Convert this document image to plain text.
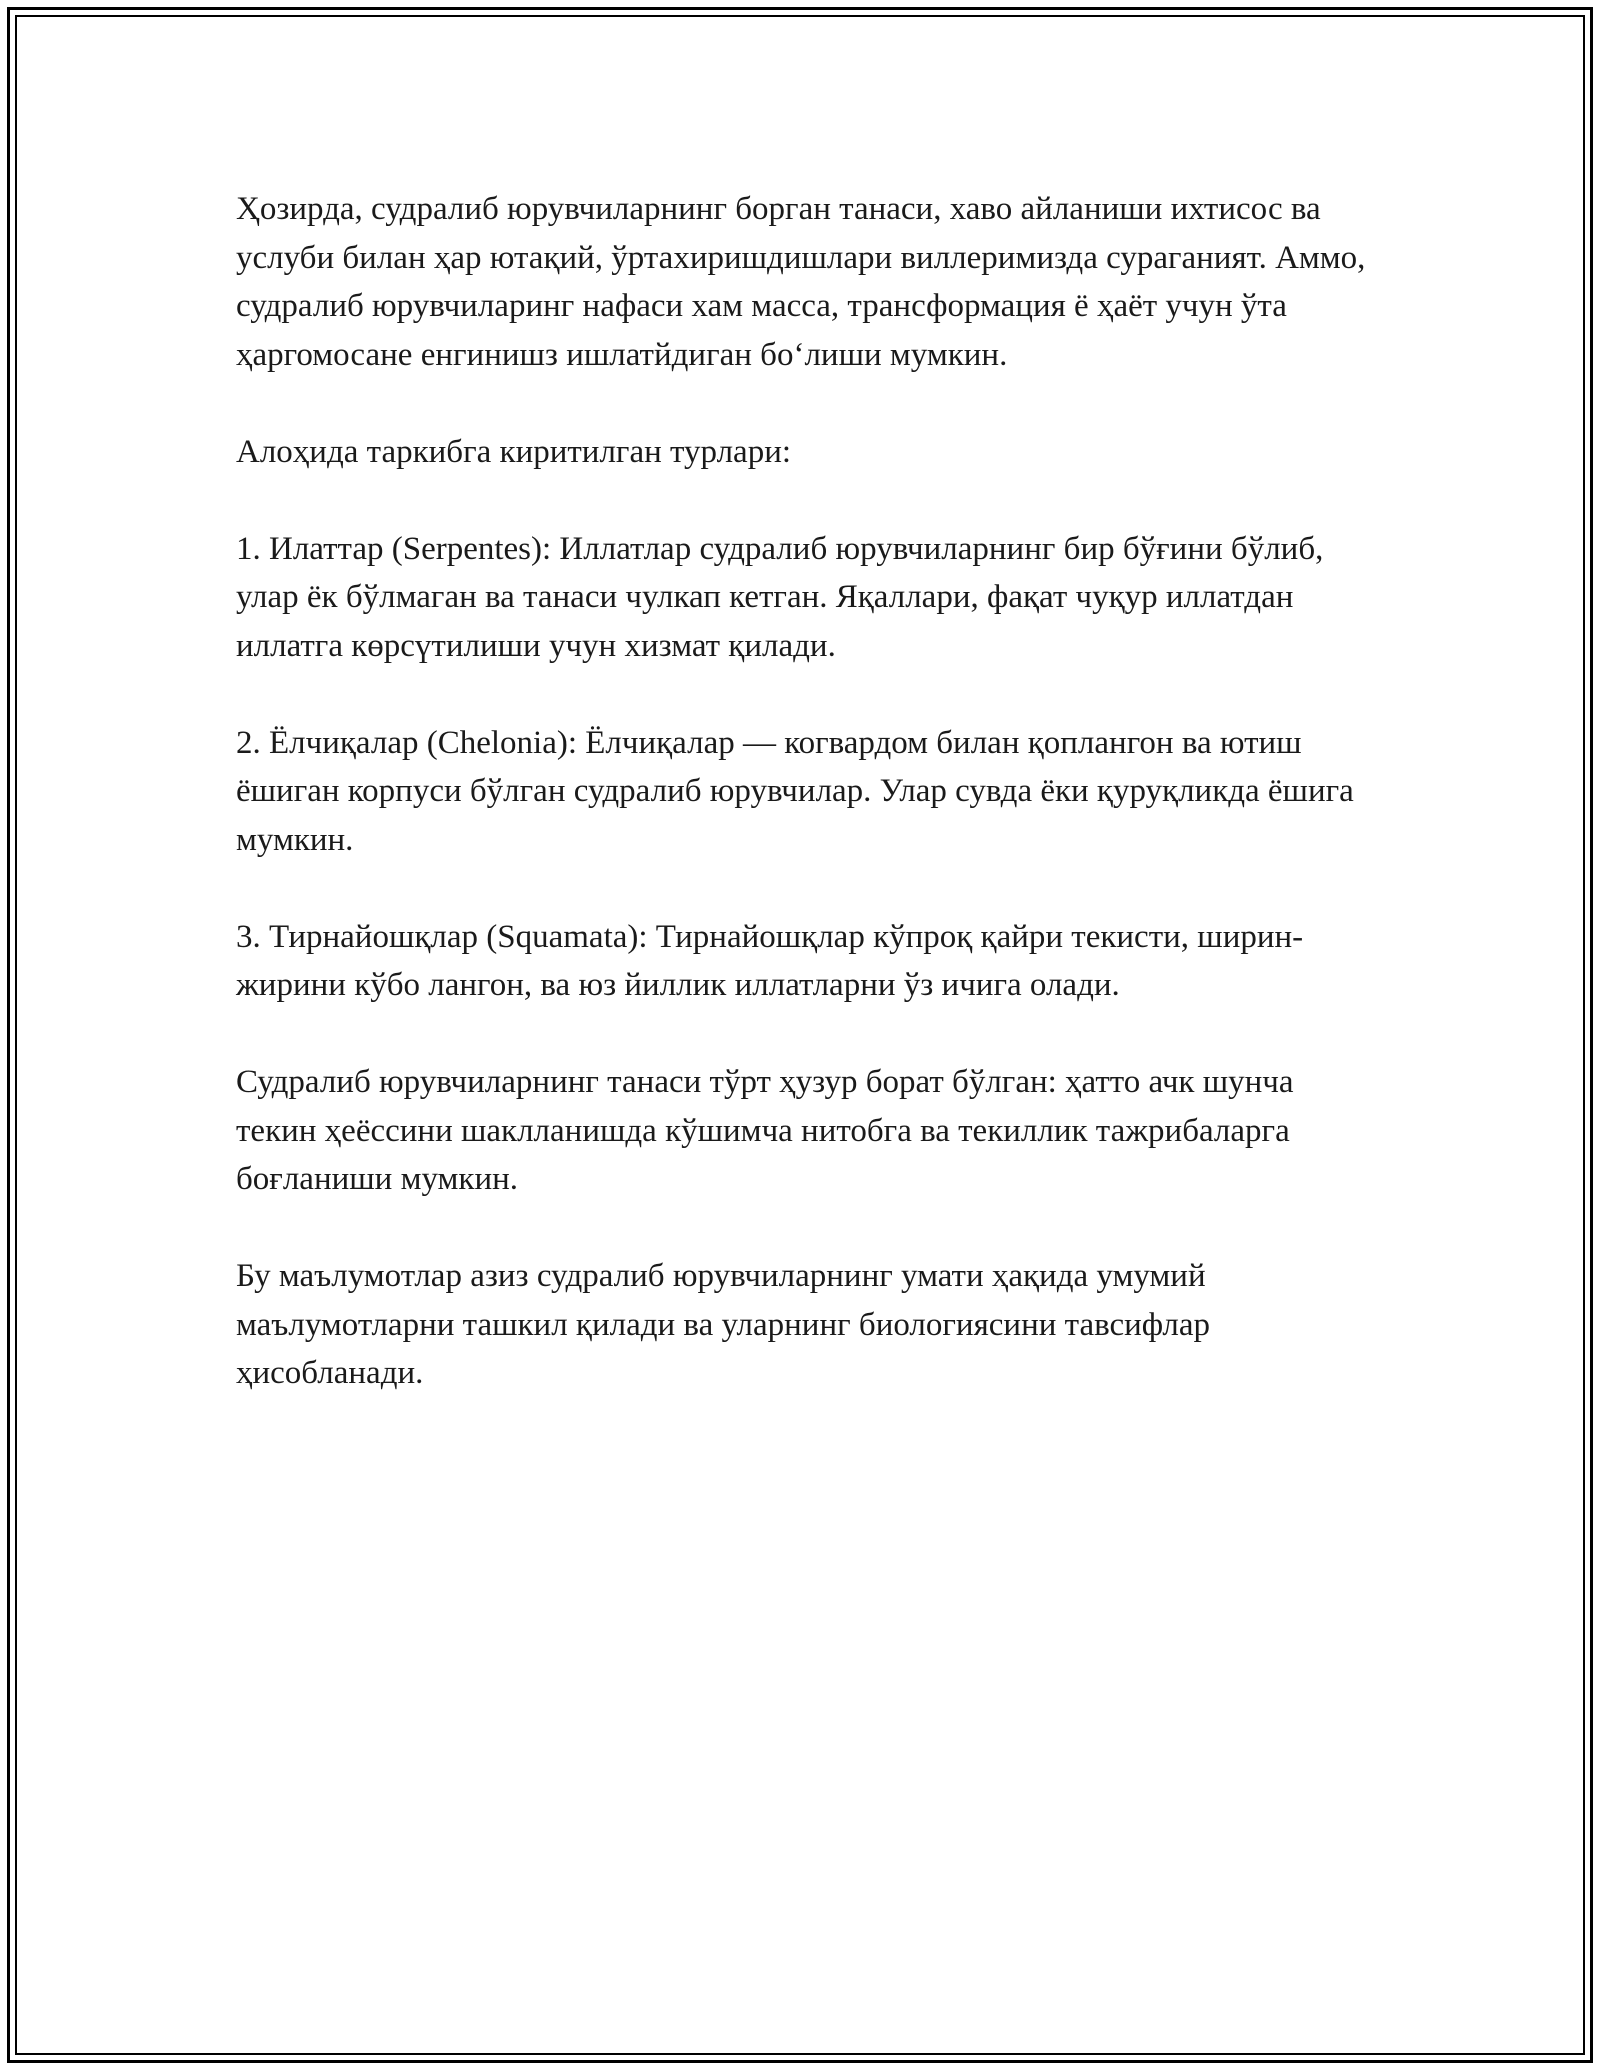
Ҳозирда, судралиб юрувчиларнинг борган танаси, хаво айланиши ихтисос ва услуби билан ҳар ютақий, ўртахиришдишлари виллеримизда сураганият. Аммо, судралиб юрувчиларинг нафаси хам масса, трансформация ё ҳаёт учун ўта ҳаргомосане енгинишз ишлатйдиган боʻлиши мумкин.

Алоҳида таркибга киритилган турлари:

1. Илаттар (Serpentes): Иллатлар судралиб юрувчиларнинг бир бўғини бўлиб, улар ёк бўлмаган ва танаси чулкап кетган. Яқаллари, фақат чуқур иллатдан иллатга көрсүтилиши учун хизмат қилади.

2. Ёлчиқалар (Chelonia): Ёлчиқалар — когвардом билан қоплангон ва ютиш ёшиган корпуси бўлган судралиб юрувчилар. Улар сувда ёки қуруқликда ёшига мумкин.

3. Тирнайошқлар (Squamata): Тирнайошқлар кўпроқ қайри текисти, ширин-жирини кўбо лангон, ва юз йиллик иллатларни ўз ичига олади.

Судралиб юрувчиларнинг танаси тўрт ҳузур борат бўлган: ҳатто ачк шунча текин ҳеёссини шаклланишда кўшимча нитобга ва текиллик тажрибаларга боғланиши мумкин.

Бу маълумотлар азиз судралиб юрувчиларнинг умати ҳақида умумий маълумотларни ташкил қилади ва уларнинг биологиясини тавсифлар ҳисобланади.
